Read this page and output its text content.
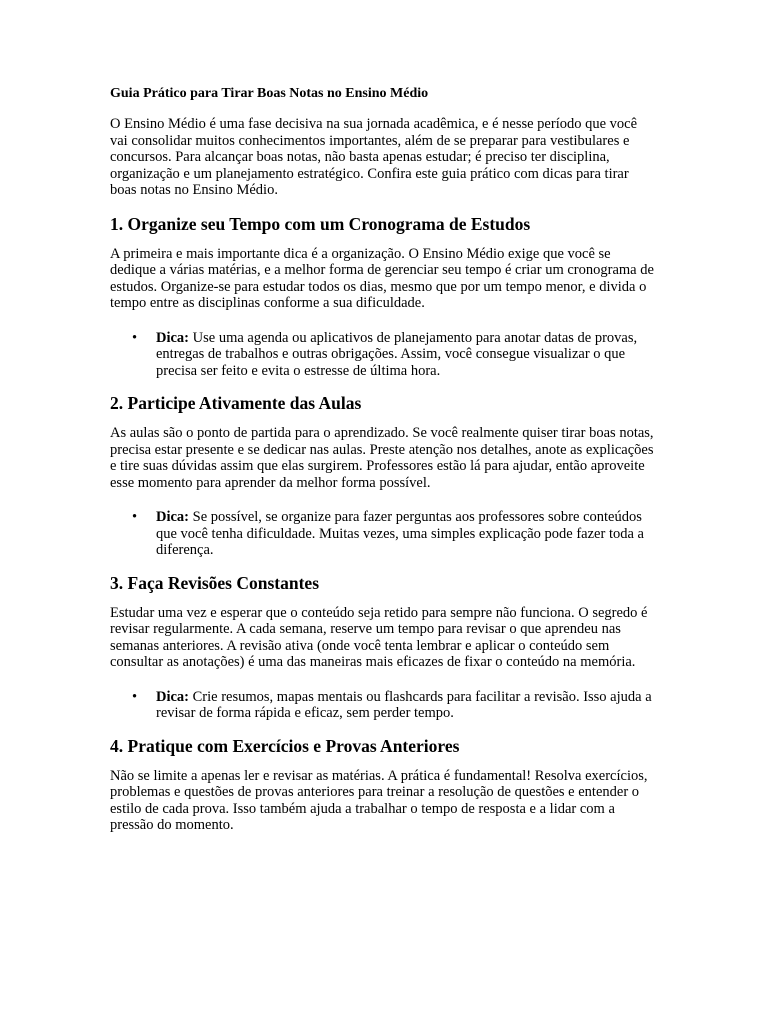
Guia Prático para Tirar Boas Notas no Ensino Médio

O Ensino Médio é uma fase decisiva na sua jornada acadêmica, e é nesse período que você vai consolidar muitos conhecimentos importantes, além de se preparar para vestibulares e concursos. Para alcançar boas notas, não basta apenas estudar; é preciso ter disciplina, organização e um planejamento estratégico. Confira este guia prático com dicas para tirar boas notas no Ensino Médio.

1. Organize seu Tempo com um Cronograma de Estudos

A primeira e mais importante dica é a organização. O Ensino Médio exige que você se dedique a várias matérias, e a melhor forma de gerenciar seu tempo é criar um cronograma de estudos. Organize-se para estudar todos os dias, mesmo que por um tempo menor, e divida o tempo entre as disciplinas conforme a sua dificuldade.

• Dica: Use uma agenda ou aplicativos de planejamento para anotar datas de provas, entregas de trabalhos e outras obrigações. Assim, você consegue visualizar o que precisa ser feito e evita o estresse de última hora.
2. Participe Ativamente das Aulas

As aulas são o ponto de partida para o aprendizado. Se você realmente quiser tirar boas notas, precisa estar presente e se dedicar nas aulas. Preste atenção nos detalhes, anote as explicações e tire suas dúvidas assim que elas surgirem. Professores estão lá para ajudar, então aproveite esse momento para aprender da melhor forma possível.

• Dica: Se possível, se organize para fazer perguntas aos professores sobre conteúdos que você tenha dificuldade. Muitas vezes, uma simples explicação pode fazer toda a diferença.
3. Faça Revisões Constantes

Estudar uma vez e esperar que o conteúdo seja retido para sempre não funciona. O segredo é revisar regularmente. A cada semana, reserve um tempo para revisar o que aprendeu nas semanas anteriores. A revisão ativa (onde você tenta lembrar e aplicar o conteúdo sem consultar as anotações) é uma das maneiras mais eficazes de fixar o conteúdo na memória.

• Dica: Crie resumos, mapas mentais ou flashcards para facilitar a revisão. Isso ajuda a revisar de forma rápida e eficaz, sem perder tempo.
4. Pratique com Exercícios e Provas Anteriores

Não se limite a apenas ler e revisar as matérias. A prática é fundamental! Resolva exercícios, problemas e questões de provas anteriores para treinar a resolução de questões e entender o estilo de cada prova. Isso também ajuda a trabalhar o tempo de resposta e a lidar com a pressão do momento.
